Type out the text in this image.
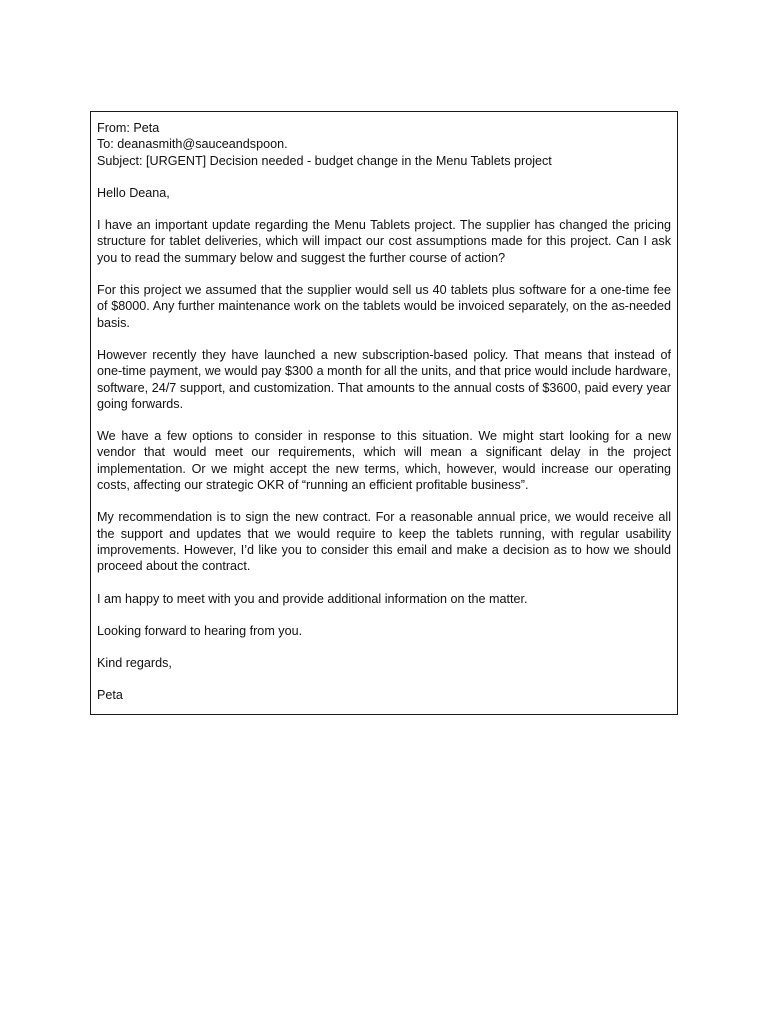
From: Peta
To: deanasmith@sauceandspoon.
Subject: [URGENT] Decision needed - budget change in the Menu Tablets project

Hello Deana,

I have an important update regarding the Menu Tablets project. The supplier has changed the pricing structure for tablet deliveries, which will impact our cost assumptions made for this project. Can I ask you to read the summary below and suggest the further course of action?

For this project we assumed that the supplier would sell us 40 tablets plus software for a one-time fee of $8000. Any further maintenance work on the tablets would be invoiced separately, on the as-needed basis.

However recently they have launched a new subscription-based policy. That means that instead of one-time payment, we would pay $300 a month for all the units, and that price would include hardware, software, 24/7 support, and customization. That amounts to the annual costs of $3600, paid every year going forwards.

We have a few options to consider in response to this situation. We might start looking for a new vendor that would meet our requirements, which will mean a significant delay in the project implementation. Or we might accept the new terms, which, however, would increase our operating costs, affecting our strategic OKR of “running an efficient profitable business”.

My recommendation is to sign the new contract. For a reasonable annual price, we would receive all the support and updates that we would require to keep the tablets running, with regular usability improvements. However, I’d like you to consider this email and make a decision as to how we should proceed about the contract.

I am happy to meet with you and provide additional information on the matter.

Looking forward to hearing from you.

Kind regards,

Peta
